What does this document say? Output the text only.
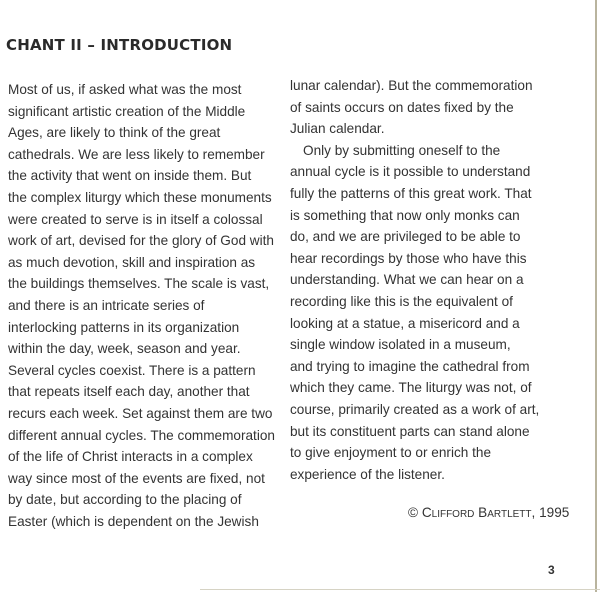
CHANT II – INTRODUCTION
Most of us, if asked what was the most
significant artistic creation of the Middle
Ages, are likely to think of the great
cathedrals. We are less likely to remember
the activity that went on inside them. But
the complex liturgy which these monuments
were created to serve is in itself a colossal
work of art, devised for the glory of God with
as much devotion, skill and inspiration as
the buildings themselves. The scale is vast,
and there is an intricate series of
interlocking patterns in its organization
within the day, week, season and year.
Several cycles coexist. There is a pattern
that repeats itself each day, another that
recurs each week. Set against them are two
different annual cycles. The commemoration
of the life of Christ interacts in a complex
way since most of the events are fixed, not
by date, but according to the placing of
Easter (which is dependent on the Jewish
lunar calendar). But the commemoration
of saints occurs on dates fixed by the
Julian calendar.
Only by submitting oneself to the
annual cycle is it possible to understand
fully the patterns of this great work. That
is something that now only monks can
do, and we are privileged to be able to
hear recordings by those who have this
understanding. What we can hear on a
recording like this is the equivalent of
looking at a statue, a misericord and a
single window isolated in a museum,
and trying to imagine the cathedral from
which they came. The liturgy was not, of
course, primarily created as a work of art,
but its constituent parts can stand alone
to give enjoyment to or enrich the
experience of the listener.
© Clifford Bartlett, 1995
3
